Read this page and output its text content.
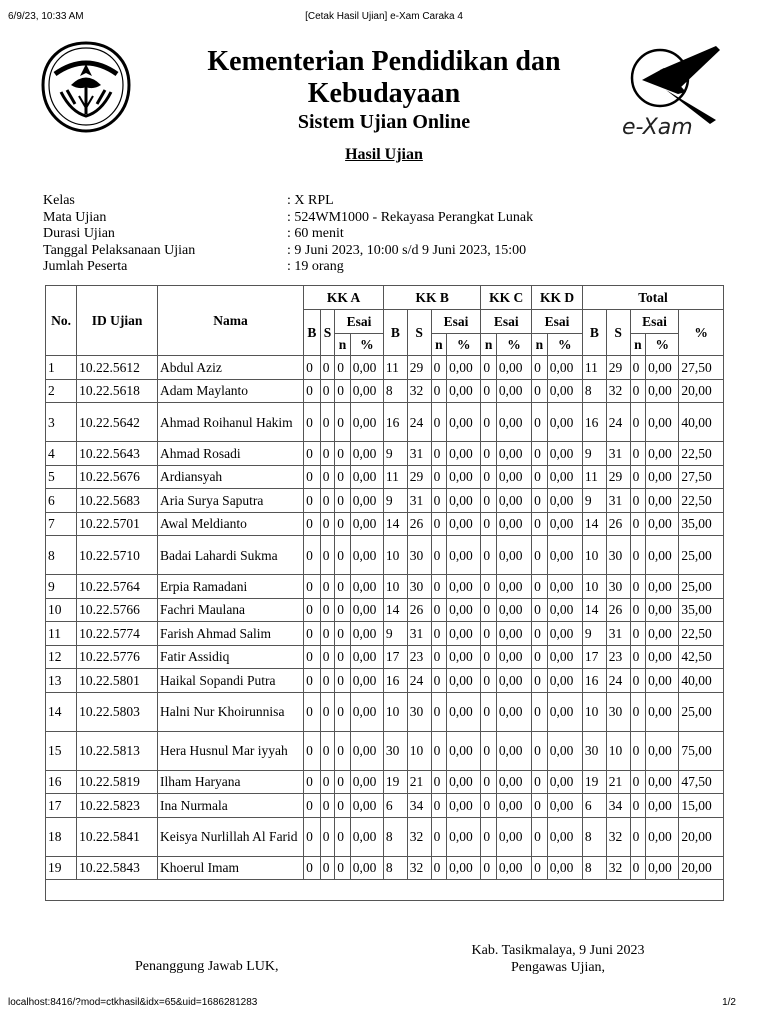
6/9/23, 10:33 AM	[Cetak Hasil Ujian] e-Xam Caraka 4
Kementerian Pendidikan dan Kebudayaan
Sistem Ujian Online
Hasil Ujian
e-Xam
Kelas	: X RPL
Mata Ujian	: 524WM1000 - Rekayasa Perangkat Lunak
Durasi Ujian	: 60 menit
Tanggal Pelaksanaan Ujian	: 9 Juni 2023, 10:00 s/d 9 Juni 2023, 15:00
Jumlah Peserta	: 19 orang
No.	ID Ujian	Nama	KK A				KK B				KK C		KK D		Total				
			B	S	Esai		B	S	Esai		Esai		Esai		B	S	Esai		%
					n	%			n	%	n	%	n	%			n	%	
1	10.22.5612	Abdul Aziz	0	0	0	0,00	11	29	0	0,00	0	0,00	0	0,00	11	29	0	0,00	27,50
2	10.22.5618	Adam Maylanto	0	0	0	0,00	8	32	0	0,00	0	0,00	0	0,00	8	32	0	0,00	20,00
3	10.22.5642	Ahmad Roihanul Hakim	0	0	0	0,00	16	24	0	0,00	0	0,00	0	0,00	16	24	0	0,00	40,00
4	10.22.5643	Ahmad Rosadi	0	0	0	0,00	9	31	0	0,00	0	0,00	0	0,00	9	31	0	0,00	22,50
5	10.22.5676	Ardiansyah	0	0	0	0,00	11	29	0	0,00	0	0,00	0	0,00	11	29	0	0,00	27,50
6	10.22.5683	Aria Surya Saputra	0	0	0	0,00	9	31	0	0,00	0	0,00	0	0,00	9	31	0	0,00	22,50
7	10.22.5701	Awal Meldianto	0	0	0	0,00	14	26	0	0,00	0	0,00	0	0,00	14	26	0	0,00	35,00
8	10.22.5710	Badai Lahardi Sukma	0	0	0	0,00	10	30	0	0,00	0	0,00	0	0,00	10	30	0	0,00	25,00
9	10.22.5764	Erpia Ramadani	0	0	0	0,00	10	30	0	0,00	0	0,00	0	0,00	10	30	0	0,00	25,00
10	10.22.5766	Fachri Maulana	0	0	0	0,00	14	26	0	0,00	0	0,00	0	0,00	14	26	0	0,00	35,00
11	10.22.5774	Farish Ahmad Salim	0	0	0	0,00	9	31	0	0,00	0	0,00	0	0,00	9	31	0	0,00	22,50
12	10.22.5776	Fatir Assidiq	0	0	0	0,00	17	23	0	0,00	0	0,00	0	0,00	17	23	0	0,00	42,50
13	10.22.5801	Haikal Sopandi Putra	0	0	0	0,00	16	24	0	0,00	0	0,00	0	0,00	16	24	0	0,00	40,00
14	10.22.5803	Halni Nur Khoirunnisa	0	0	0	0,00	10	30	0	0,00	0	0,00	0	0,00	10	30	0	0,00	25,00
15	10.22.5813	Hera Husnul Mar iyyah	0	0	0	0,00	30	10	0	0,00	0	0,00	0	0,00	30	10	0	0,00	75,00
16	10.22.5819	Ilham Haryana	0	0	0	0,00	19	21	0	0,00	0	0,00	0	0,00	19	21	0	0,00	47,50
17	10.22.5823	Ina Nurmala	0	0	0	0,00	6	34	0	0,00	0	0,00	0	0,00	6	34	0	0,00	15,00
18	10.22.5841	Keisya Nurlillah Al Farid	0	0	0	0,00	8	32	0	0,00	0	0,00	0	0,00	8	32	0	0,00	20,00
19	10.22.5843	Khoerul Imam	0	0	0	0,00	8	32	0	0,00	0	0,00	0	0,00	8	32	0	0,00	20,00

Penanggung Jawab LUK,
Kab. Tasikmalaya, 9 Juni 2023
Pengawas Ujian,
localhost:8416/?mod=ctkhasil&idx=65&uid=1686281283	1/2
